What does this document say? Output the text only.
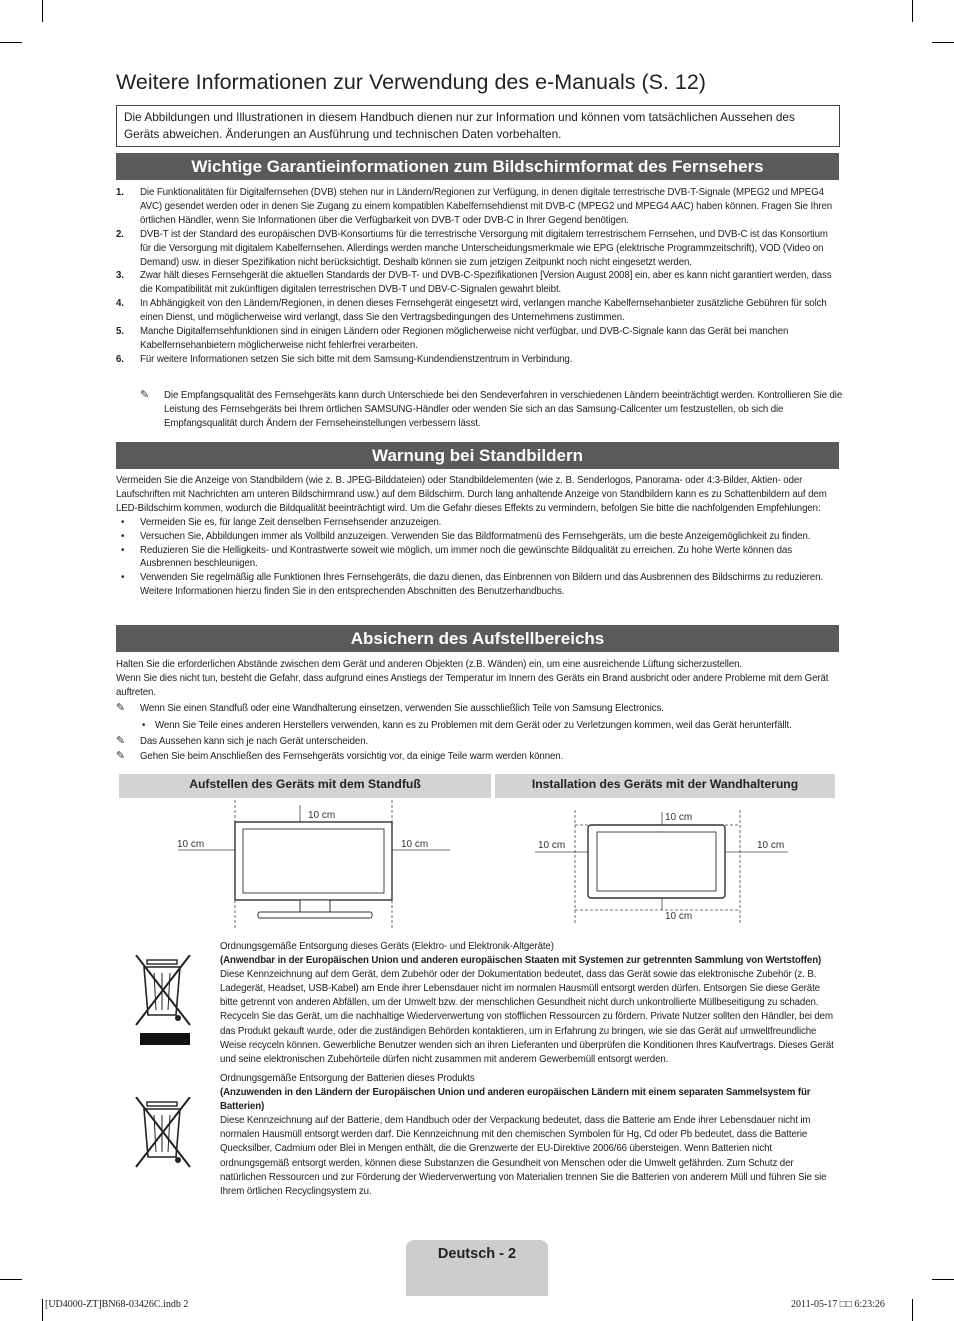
Weitere Informationen zur Verwendung des e-Manuals (S. 12)
Die Abbildungen und Illustrationen in diesem Handbuch dienen nur zur Information und können vom tatsächlichen Aussehen des Geräts abweichen. Änderungen an Ausführung und technischen Daten vorbehalten.
Wichtige Garantieinformationen zum Bildschirmformat des Fernsehers
1. Die Funktionalitäten für Digitalfernsehen (DVB) stehen nur in Ländern/Regionen zur Verfügung, in denen digitale terrestrische DVB-T-Signale (MPEG2 und MPEG4 AVC) gesendet werden oder in denen Sie Zugang zu einem kompatiblen Kabelfernsehdienst mit DVB-C (MPEG2 und MPEG4 AAC) haben können. Fragen Sie Ihren örtlichen Händler, wenn Sie Informationen über die Verfügbarkeit von DVB-T oder DVB-C in Ihrer Gegend benötigen.
2. DVB-T ist der Standard des europäischen DVB-Konsortiums für die terrestrische Versorgung mit digitalem terrestrischem Fernsehen, und DVB-C ist das Konsortium für die Versorgung mit digitalem Kabelfernsehen. Allerdings werden manche Unterscheidungsmerkmale wie EPG (elektrische Programmzeitschrift), VOD (Video on Demand) usw. in dieser Spezifikation nicht berücksichtigt. Deshalb können sie zum jetzigen Zeitpunkt noch nicht eingesetzt werden.
3. Zwar hält dieses Fernsehgerät die aktuellen Standards der DVB-T- und DVB-C-Spezifikationen [Version August 2008] ein, aber es kann nicht garantiert werden, dass die Kompatibilität mit zukünftigen digitalen terrestrischen DVB-T und DBV-C-Signalen gewahrt bleibt.
4. In Abhängigkeit von den Ländern/Regionen, in denen dieses Fernsehgerät eingesetzt wird, verlangen manche Kabelfernsehanbieter zusätzliche Gebühren für solch einen Dienst, und möglicherweise wird verlangt, dass Sie den Vertragsbedingungen des Unternehmens zustimmen.
5. Manche Digitalfernsehfunktionen sind in einigen Ländern oder Regionen möglicherweise nicht verfügbar, und DVB-C-Signale kann das Gerät bei manchen Kabelfernsehanbietern möglicherweise nicht fehlerfrei verarbeiten.
6. Für weitere Informationen setzen Sie sich bitte mit dem Samsung-Kundendienstzentrum in Verbindung.
✎ Die Empfangsqualität des Fernsehgeräts kann durch Unterschiede bei den Sendeverfahren in verschiedenen Ländern beeinträchtigt werden. Kontrollieren Sie die Leistung des Fernsehgeräts bei Ihrem örtlichen SAMSUNG-Händler oder wenden Sie sich an das Samsung-Callcenter um festzustellen, ob sich die Empfangsqualität durch Ändern der Fernseheinstellungen verbessern lässt.
Warnung bei Standbildern
Vermeiden Sie die Anzeige von Standbildern (wie z. B. JPEG-Bilddateien) oder Standbildelementen (wie z. B. Senderlogos, Panorama- oder 4:3-Bilder, Aktien- oder Laufschriften mit Nachrichten am unteren Bildschirmrand usw.) auf dem Bildschirm. Durch lang anhaltende Anzeige von Standbildern kann es zu Schattenbildern auf dem LED-Bildschirm kommen, wodurch die Bildqualität beeinträchtigt wird. Um die Gefahr dieses Effekts zu vermindern, befolgen Sie bitte die nachfolgenden Empfehlungen:
• Vermeiden Sie es, für lange Zeit denselben Fernsehsender anzuzeigen.
• Versuchen Sie, Abbildungen immer als Vollbild anzuzeigen. Verwenden Sie das Bildformatmenü des Fernsehgeräts, um die beste Anzeigemöglichkeit zu finden.
• Reduzieren Sie die Helligkeits- und Kontrastwerte soweit wie möglich, um immer noch die gewünschte Bildqualität zu erreichen. Zu hohe Werte können das Ausbrennen beschleunigen.
• Verwenden Sie regelmäßig alle Funktionen Ihres Fernsehgeräts, die dazu dienen, das Einbrennen von Bildern und das Ausbrennen des Bildschirms zu reduzieren. Weitere Informationen hierzu finden Sie in den entsprechenden Abschnitten des Benutzerhandbuchs.
Absichern des Aufstellbereichs
Halten Sie die erforderlichen Abstände zwischen dem Gerät und anderen Objekten (z.B. Wänden) ein, um eine ausreichende Lüftung sicherzustellen.
Wenn Sie dies nicht tun, besteht die Gefahr, dass aufgrund eines Anstiegs der Temperatur im Innern des Geräts ein Brand ausbricht oder andere Probleme mit dem Gerät auftreten.
✎ Wenn Sie einen Standfuß oder eine Wandhalterung einsetzen, verwenden Sie ausschließlich Teile von Samsung Electronics.
• Wenn Sie Teile eines anderen Herstellers verwenden, kann es zu Problemen mit dem Gerät oder zu Verletzungen kommen, weil das Gerät herunterfällt.
✎ Das Aussehen kann sich je nach Gerät unterscheiden.
✎ Gehen Sie beim Anschließen des Fernsehgeräts vorsichtig vor, da einige Teile warm werden können.
Aufstellen des Geräts mit dem Standfuß	Installation des Geräts mit der Wandhalterung
10 cm
10 cm	10 cm
10 cm
10 cm
10 cm	10 cm
Ordnungsgemäße Entsorgung dieses Geräts (Elektro- und Elektronik-Altgeräte)
(Anwendbar in der Europäischen Union und anderen europäischen Staaten mit Systemen zur getrennten Sammlung von Wertstoffen)
Diese Kennzeichnung auf dem Gerät, dem Zubehör oder der Dokumentation bedeutet, dass das Gerät sowie das elektronische Zubehör (z. B. Ladegerät, Headset, USB-Kabel) am Ende ihrer Lebensdauer nicht im normalen Hausmüll entsorgt werden dürfen. Entsorgen Sie diese Geräte bitte getrennt von anderen Abfällen, um der Umwelt bzw. der menschlichen Gesundheit nicht durch unkontrollierte Müllbeseitigung zu schaden. Recyceln Sie das Gerät, um die nachhaltige Wiederverwertung von stofflichen Ressourcen zu fördern. Private Nutzer sollten den Händler, bei dem das Produkt gekauft wurde, oder die zuständigen Behörden kontaktieren, um in Erfahrung zu bringen, wie sie das Gerät auf umweltfreundliche Weise recyceln können. Gewerbliche Benutzer wenden sich an ihren Lieferanten und überprüfen die Konditionen Ihres Kaufvertrags. Dieses Gerät und seine elektronischen Zubehörteile dürfen nicht zusammen mit anderem Gewerbemüll entsorgt werden.
Ordnungsgemäße Entsorgung der Batterien dieses Produkts
(Anzuwenden in den Ländern der Europäischen Union und anderen europäischen Ländern mit einem separaten Sammelsystem für Batterien)
Diese Kennzeichnung auf der Batterie, dem Handbuch oder der Verpackung bedeutet, dass die Batterie am Ende ihrer Lebensdauer nicht im normalen Hausmüll entsorgt werden darf. Die Kennzeichnung mit den chemischen Symbolen für Hg, Cd oder Pb bedeutet, dass die Batterie Quecksilber, Cadmium oder Blei in Mengen enthält, die die Grenzwerte der EU-Direktive 2006/66 übersteigen. Wenn Batterien nicht ordnungsgemäß entsorgt werden, können diese Substanzen die Gesundheit von Menschen oder die Umwelt gefährden. Zum Schutz der natürlichen Ressourcen und zur Förderung der Wiederverwertung von Materialien trennen Sie die Batterien von anderem Müll und führen Sie sie Ihrem örtlichen Recyclingsystem zu.
Deutsch - 2
[UD4000-ZT]BN68-03426C.indb 2	2011-05-17 □□ 6:23:26
